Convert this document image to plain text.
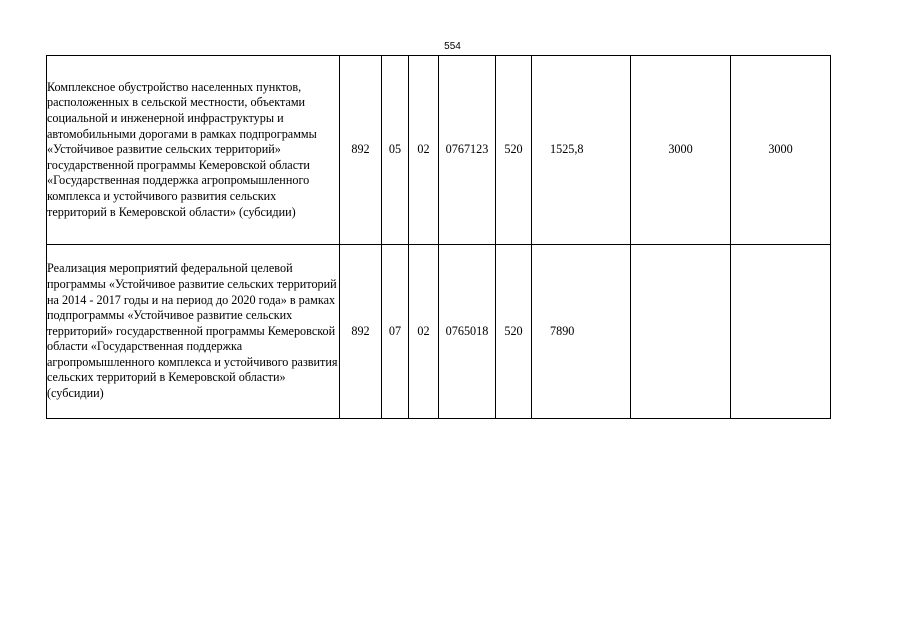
554
Комплексное обустройство населенных пунктов, расположенных в сельской местности, объектами социальной и инженерной инфраструктуры и автомобильными дорогами в рамках подпрограммы «Устойчивое развитие сельских территорий» государственной программы Кемеровской области «Государственная поддержка агропромышленного комплекса и устойчивого развития сельских территорий в Кемеровской области» (субсидии)	892	05	02	0767123	520	1525,8	3000	3000
Реализация мероприятий федеральной целевой программы «Устойчивое развитие сельских территорий на 2014 - 2017 годы и на период до 2020 года» в рамках подпрограммы «Устойчивое развитие сельских территорий» государственной программы Кемеровской области «Государственная поддержка агропромышленного комплекса и устойчивого развития сельских территорий в Кемеровской области» (субсидии)	892	07	02	0765018	520	7890		
